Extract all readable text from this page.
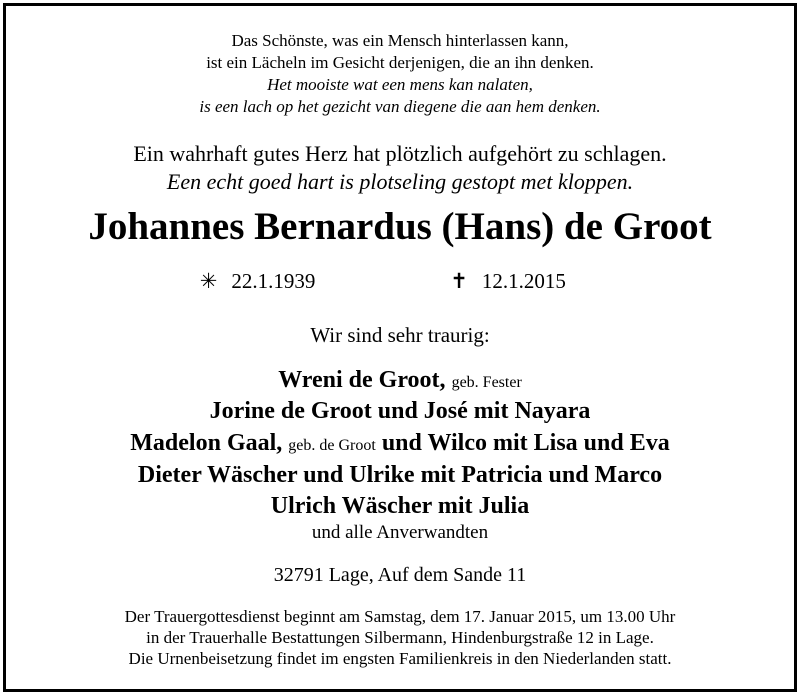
Das Schönste, was ein Mensch hinterlassen kann,
ist ein Lächeln im Gesicht derjenigen, die an ihn denken.
Het mooiste wat een mens kan nalaten,
is een lach op het gezicht van diegene die aan hem denken.
Ein wahrhaft gutes Herz hat plötzlich aufgehört zu schlagen.
Een echt goed hart is plotseling gestopt met kloppen.
Johannes Bernardus (Hans) de Groot
✳ 22.1.1939	✝ 12.1.2015
Wir sind sehr traurig:
Wreni de Groot, geb. Fester
Jorine de Groot und José mit Nayara
Madelon Gaal, geb. de Groot und Wilco mit Lisa und Eva
Dieter Wäscher und Ulrike mit Patricia und Marco
Ulrich Wäscher mit Julia
und alle Anverwandten
32791 Lage, Auf dem Sande 11
Der Trauergottesdienst beginnt am Samstag, dem 17. Januar 2015, um 13.00 Uhr
in der Trauerhalle Bestattungen Silbermann, Hindenburgstraße 12 in Lage.
Die Urnenbeisetzung findet im engsten Familienkreis in den Niederlanden statt.
